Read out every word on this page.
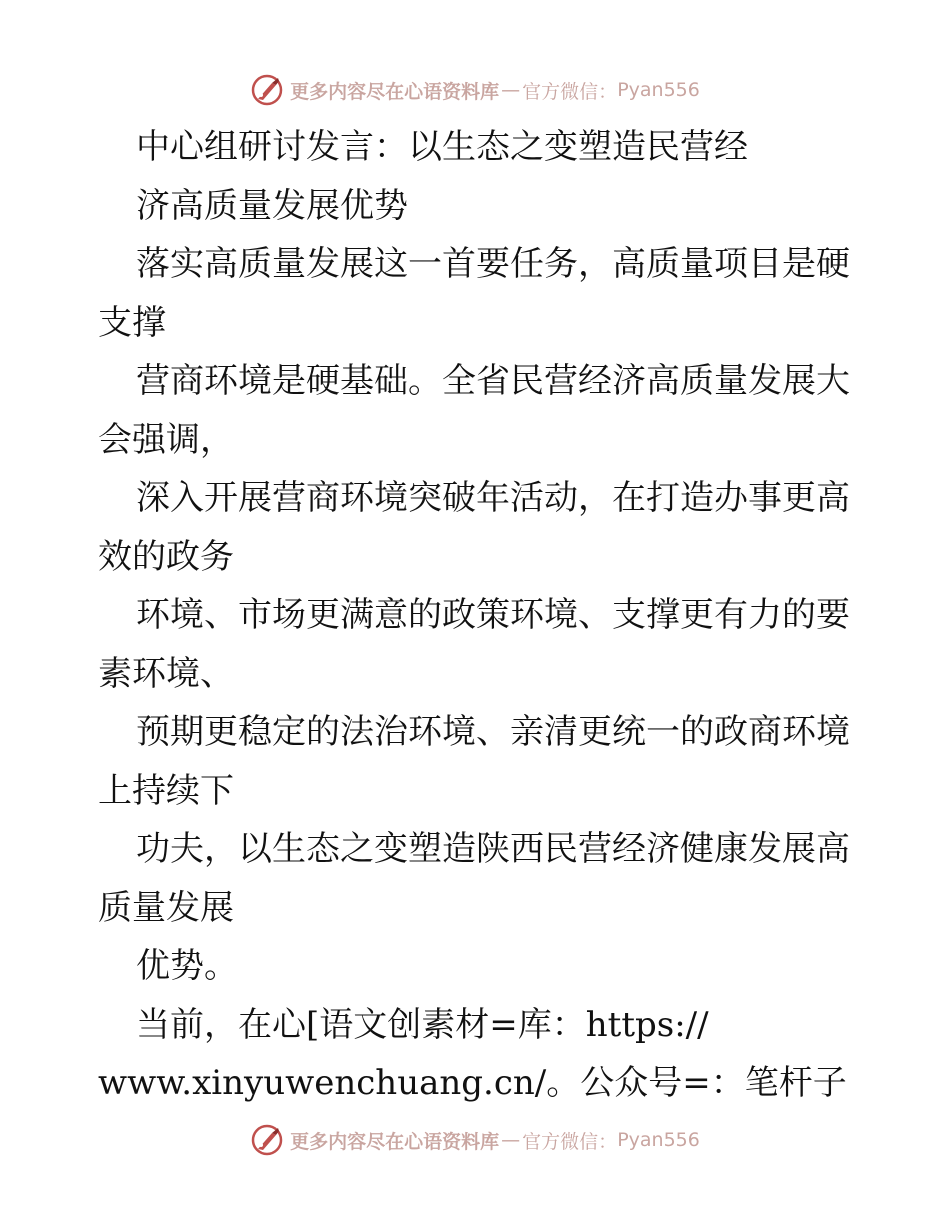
更多内容尽在心语资料库 — 官方微信： Pyan556
中心组研讨发言：以生态之变塑造民营经
济高质量发展优势
落实高质量发展这一首要任务，高质量项目是硬
支撑
营商环境是硬基础。全省民营经济高质量发展大
会强调，
深入开展营商环境突破年活动，在打造办事更高
效的政务
环境、市场更满意的政策环境、支撑更有力的要
素环境、
预期更稳定的法治环境、亲清更统一的政商环境
上持续下
功夫，以生态之变塑造陕西民营经济健康发展高
质量发展
优势。
当前，在心[语文创素材=库：https://
www.xinyuwenchuang.cn/。公众号=：笔杆子
更多内容尽在心语资料库 — 官方微信： Pyan556
